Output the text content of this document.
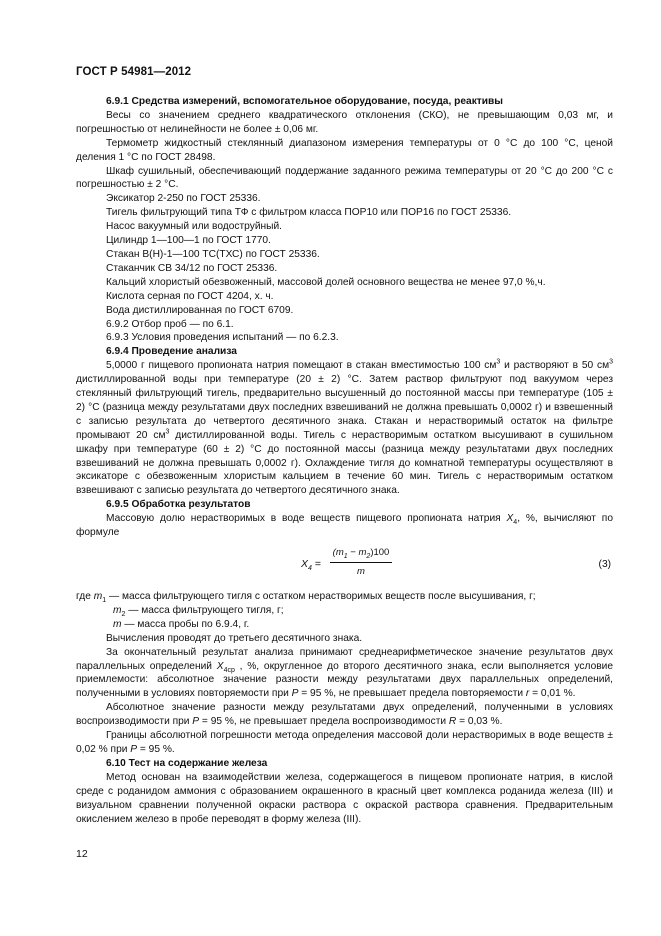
ГОСТ Р 54981—2012

6.9.1 Средства измерений, вспомогательное оборудование, посуда, реактивы

Весы со значением среднего квадратического отклонения (СКО), не превышающим 0,03 мг, и погрешностью от нелинейности не более ± 0,06 мг.

Термометр жидкостный стеклянный диапазоном измерения температуры от 0 °С до 100 °С, ценой деления 1 °С по ГОСТ 28498.

Шкаф сушильный, обеспечивающий поддержание заданного режима температуры от 20 °С до 200 °С с погрешностью ± 2 °С.

Эксикатор 2-250 по ГОСТ 25336.

Тигель фильтрующий типа ТФ с фильтром класса ПОР10 или ПОР16 по ГОСТ 25336.

Насос вакуумный или водоструйный.

Цилиндр 1—100—1 по ГОСТ 1770.

Стакан В(Н)-1—100 ТС(ТХС) по ГОСТ 25336.

Стаканчик СВ 34/12 по ГОСТ 25336.

Кальций хлористый обезвоженный, массовой долей основного вещества не менее 97,0 %,ч.

Кислота серная по ГОСТ 4204, х. ч.

Вода дистиллированная по ГОСТ 6709.

6.9.2 Отбор проб — по 6.1.

6.9.3 Условия проведения испытаний — по 6.2.3.

6.9.4 Проведение анализа

5,0000 г пищевого пропионата натрия помещают в стакан вместимостью 100 $см^3$ и растворяют в 50 $см^3$ дистиллированной воды при температуре (20 ± 2) °С. Затем раствор фильтруют под вакуумом через стеклянный фильтрующий тигель, предварительно высушенный до постоянной массы при температуре (105 ± 2) °С (разница между результатами двух последних взвешиваний не должна превышать 0,0002 г) и взвешенный с записью результата до четвертого десятичного знака. Стакан и нерастворимый остаток на фильтре промывают 20 $см^3$ дистиллированной воды. Тигель с нерастворимым остатком высушивают в сушильном шкафу при температуре (60 ± 2) °С до постоянной массы (разница между результатами двух последних взвешиваний не должна превышать 0,0002 г). Охлаждение тигля до комнатной температуры осуществляют в эксикаторе с обезвоженным хлористым кальцием в течение 60 мин. Тигель с нерастворимым остатком взвешивают с записью результата до четвертого десятичного знака.

6.9.5 Обработка результатов

Массовую долю нерастворимых в воде веществ пищевого пропионата натрия $X_4$, %, вычисляют по формуле

$X_4$ =
$(m_1 - m_2)100$
m
(3)

где $m_1$ — масса фильтрующего тигля с остатком нерастворимых веществ после высушивания, г;
$m_2$ — масса фильтрующего тигля, г;
m — масса пробы по 6.9.4, г.

Вычисления проводят до третьего десятичного знака.

За окончательный результат анализа принимают среднеарифметическое значение результатов двух параллельных определений $X_{4ср}$ , %, округленное до второго десятичного знака, если выполняется условие приемлемости: абсолютное значение разности между результатами двух параллельных определений, полученными в условиях повторяемости при P = 95 %, не превышает предела повторяемости r = 0,01 %.

Абсолютное значение разности между результатами двух определений, полученными в условиях воспроизводимости при P = 95 %, не превышает предела воспроизводимости R = 0,03 %.

Границы абсолютной погрешности метода определения массовой доли нерастворимых в воде веществ ± 0,02 % при P = 95 %.

6.10 Тест на содержание железа

Метод основан на взаимодействии железа, содержащегося в пищевом пропионате натрия, в кислой среде с роданидом аммония с образованием окрашенного в красный цвет комплекса роданида железа (III) и визуальном сравнении полученной окраски раствора с окраской раствора сравнения. Предварительным окислением железо в пробе переводят в форму железа (III).

12
